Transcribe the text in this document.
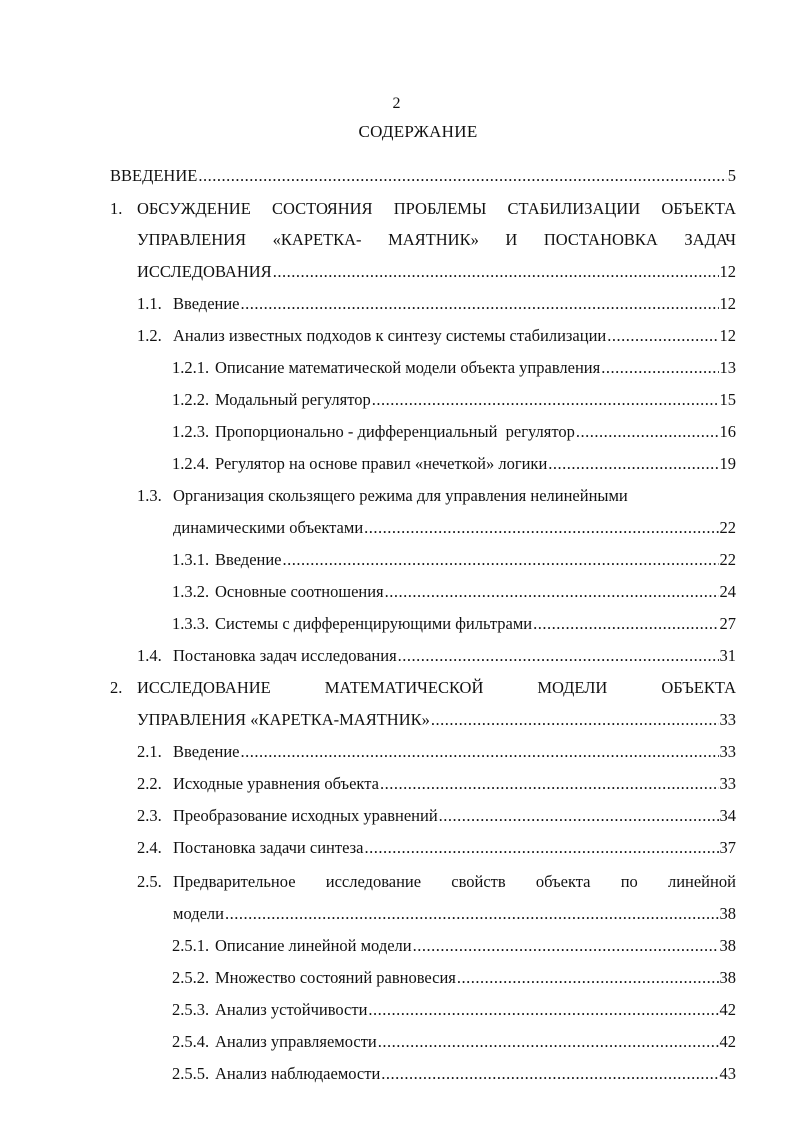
2
СОДЕРЖАНИЕ
ВВЕДЕНИЕ .....	5
1. ОБСУЖДЕНИЕ СОСТОЯНИЯ ПРОБЛЕМЫ СТАБИЛИЗАЦИИ ОБЪЕКТА
УПРАВЛЕНИЯ «КАРЕТКА- МАЯТНИК» И ПОСТАНОВКА ЗАДАЧ
ИССЛЕДОВАНИЯ .....	12
1.1. Введение .....	12
1.2. Анализ известных подходов к синтезу системы стабилизации .....	12
1.2.1. Описание математической модели объекта управления .....	13
1.2.2. Модальный регулятор .....	15
1.2.3. Пропорционально - дифференциальный  регулятор .....	16
1.2.4. Регулятор на основе правил «нечеткой» логики .....	19
1.3. Организация скользящего режима для управления нелинейными
динамическими объектами .....	22
1.3.1. Введение .....	22
1.3.2. Основные соотношения .....	24
1.3.3. Системы с дифференцирующими фильтрами .....	27
1.4. Постановка задач исследования .....	31
2. ИССЛЕДОВАНИЕ	МАТЕМАТИЧЕСКОЙ	МОДЕЛИ	ОБЪЕКТА
УПРАВЛЕНИЯ «КАРЕТКА-МАЯТНИК» .....	33
2.1. Введение .....	33
2.2. Исходные уравнения объекта .....	33
2.3. Преобразование исходных уравнений .....	34
2.4. Постановка задачи синтеза .....	37
2.5. Предварительное исследование свойств объекта по линейной
модели .....	38
2.5.1. Описание линейной модели .....	38
2.5.2. Множество состояний равновесия .....	38
2.5.3. Анализ устойчивости .....	42
2.5.4. Анализ управляемости .....	42
2.5.5. Анализ наблюдаемости .....	43
